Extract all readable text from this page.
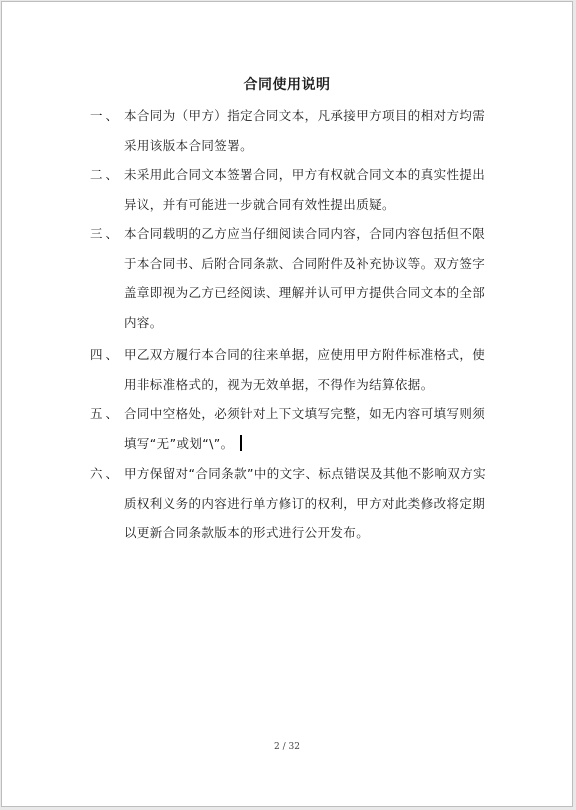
合同使用说明
一、 本合同为（甲方）指定合同文本，凡承接甲方项目的相对方均需采用该版本合同签署。
二、 未采用此合同文本签署合同，甲方有权就合同文本的真实性提出异议，并有可能进一步就合同有效性提出质疑。
三、 本合同载明的乙方应当仔细阅读合同内容，合同内容包括但不限于本合同书、后附合同条款、合同附件及补充协议等。双方签字盖章即视为乙方已经阅读、理解并认可甲方提供合同文本的全部内容。
四、 甲乙双方履行本合同的往来单据，应使用甲方附件标准格式，使用非标准格式的，视为无效单据，不得作为结算依据。
五、 合同中空格处，必须针对上下文填写完整，如无内容可填写则须填写“无”或划“\”。
六、 甲方保留对“合同条款”中的文字、标点错误及其他不影响双方实质权利义务的内容进行单方修订的权利，甲方对此类修改将定期以更新合同条款版本的形式进行公开发布。
2 / 32
